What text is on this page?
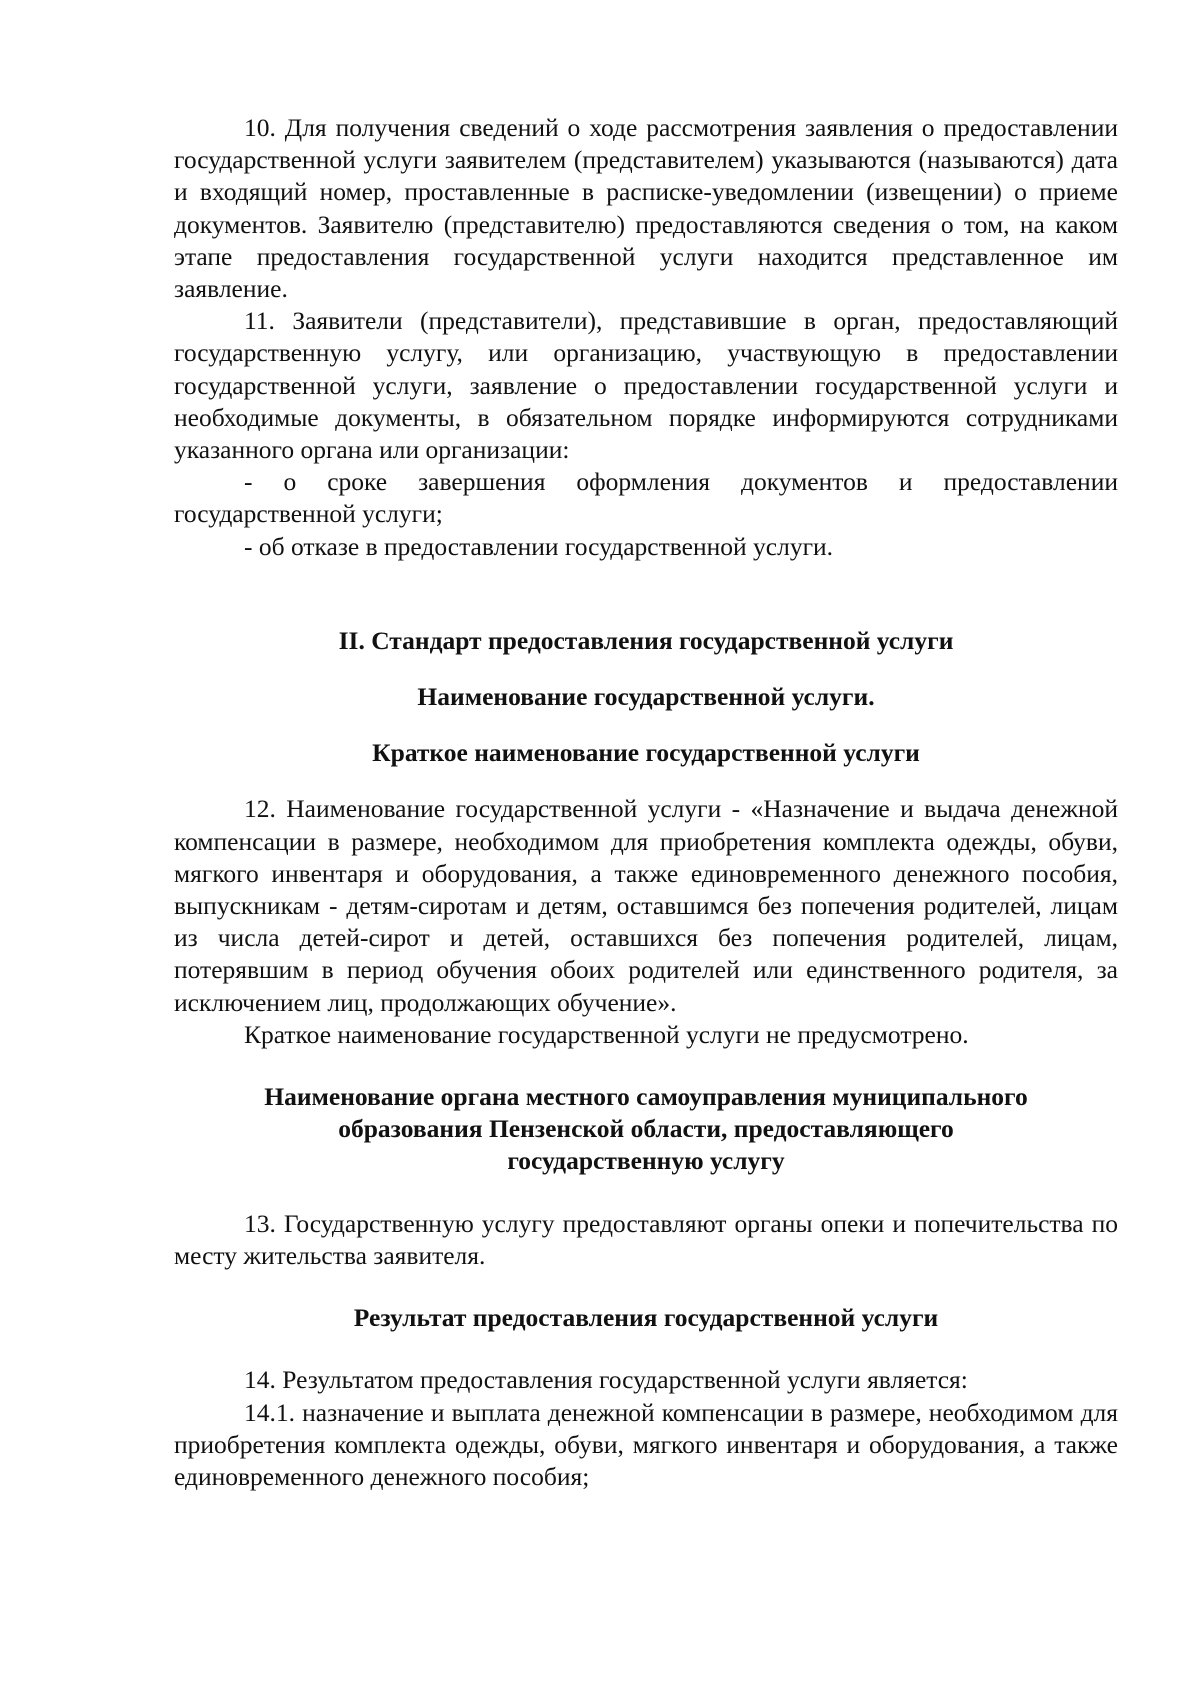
10. Для получения сведений о ходе рассмотрения заявления о предоставлении государственной услуги заявителем (представителем) указываются (называются) дата и входящий номер, проставленные в расписке-уведомлении (извещении) о приеме документов. Заявителю (представителю) предоставляются сведения о том, на каком этапе предоставления государственной услуги находится представленное им заявление.

11. Заявители (представители), представившие в орган, предоставляющий государственную услугу, или организацию, участвующую в предоставлении государственной услуги, заявление о предоставлении государственной услуги и необходимые документы, в обязательном порядке информируются сотрудниками указанного органа или организации:

- о сроке завершения оформления документов и предоставлении государственной услуги;

- об отказе в предоставлении государственной услуги.

II. Стандарт предоставления государственной услуги
Наименование государственной услуги.
Краткое наименование государственной услуги

12. Наименование государственной услуги - «Назначение и выдача денежной компенсации в размере, необходимом для приобретения комплекта одежды, обуви, мягкого инвентаря и оборудования, а также единовременного денежного пособия, выпускникам - детям-сиротам и детям, оставшимся без попечения родителей, лицам из числа детей-сирот и детей, оставшихся без попечения родителей, лицам, потерявшим в период обучения обоих родителей или единственного родителя, за исключением лиц, продолжающих обучение».

Краткое наименование государственной услуги не предусмотрено.

Наименование органа местного самоуправления муниципального
образования Пензенской области, предоставляющего
государственную услугу

13. Государственную услугу предоставляют органы опеки и попечительства по месту жительства заявителя.

Результат предоставления государственной услуги

14. Результатом предоставления государственной услуги является:

14.1. назначение и выплата денежной компенсации в размере, необходимом для приобретения комплекта одежды, обуви, мягкого инвентаря и оборудования, а также единовременного денежного пособия;
